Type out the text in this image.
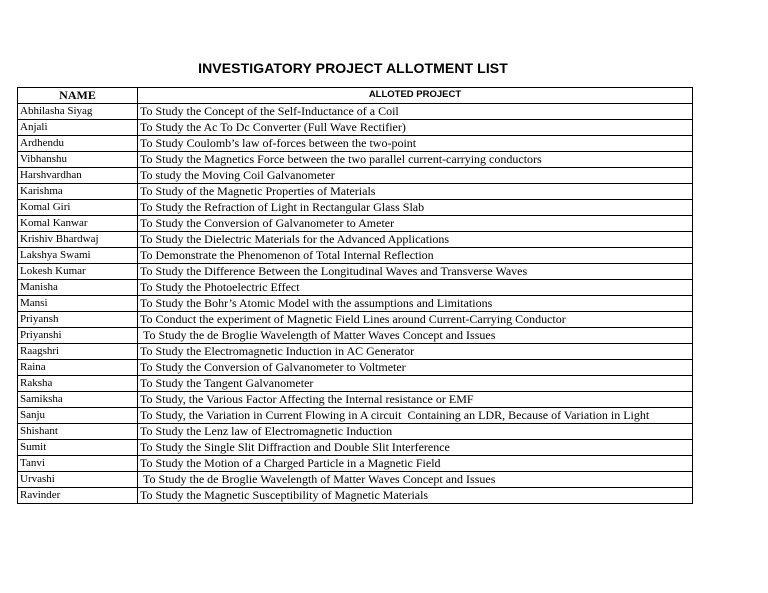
INVESTIGATORY PROJECT ALLOTMENT LIST
NAME	ALLOTED PROJECT
Abhilasha Siyag	To Study the Concept of the Self-Inductance of a Coil
Anjali	To Study the Ac To Dc Converter (Full Wave Rectifier)
Ardhendu	To Study Coulomb’s law of-forces between the two-point
Vibhanshu	To Study the Magnetics Force between the two parallel current-carrying conductors
Harshvardhan	To study the Moving Coil Galvanometer
Karishma	To Study of the Magnetic Properties of Materials
Komal Giri	To Study the Refraction of Light in Rectangular Glass Slab
Komal Kanwar	To Study the Conversion of Galvanometer to Ameter
Krishiv Bhardwaj	To Study the Dielectric Materials for the Advanced Applications
Lakshya Swami	To Demonstrate the Phenomenon of Total Internal Reflection
Lokesh Kumar	To Study the Difference Between the Longitudinal Waves and Transverse Waves
Manisha	To Study the Photoelectric Effect
Mansi	To Study the Bohr’s Atomic Model with the assumptions and Limitations
Priyansh	To Conduct the experiment of Magnetic Field Lines around Current-Carrying Conductor
Priyanshi	To Study the de Broglie Wavelength of Matter Waves Concept and Issues
Raagshri	To Study the Electromagnetic Induction in AC Generator
Raina	To Study the Conversion of Galvanometer to Voltmeter
Raksha	To Study the Tangent Galvanometer
Samiksha	To Study, the Various Factor Affecting the Internal resistance or EMF
Sanju	To Study, the Variation in Current Flowing in A circuit  Containing an LDR, Because of Variation in Light
Shishant	To Study the Lenz law of Electromagnetic Induction
Sumit	To Study the Single Slit Diffraction and Double Slit Interference
Tanvi	To Study the Motion of a Charged Particle in a Magnetic Field
Urvashi	To Study the de Broglie Wavelength of Matter Waves Concept and Issues
Ravinder	To Study the Magnetic Susceptibility of Magnetic Materials
